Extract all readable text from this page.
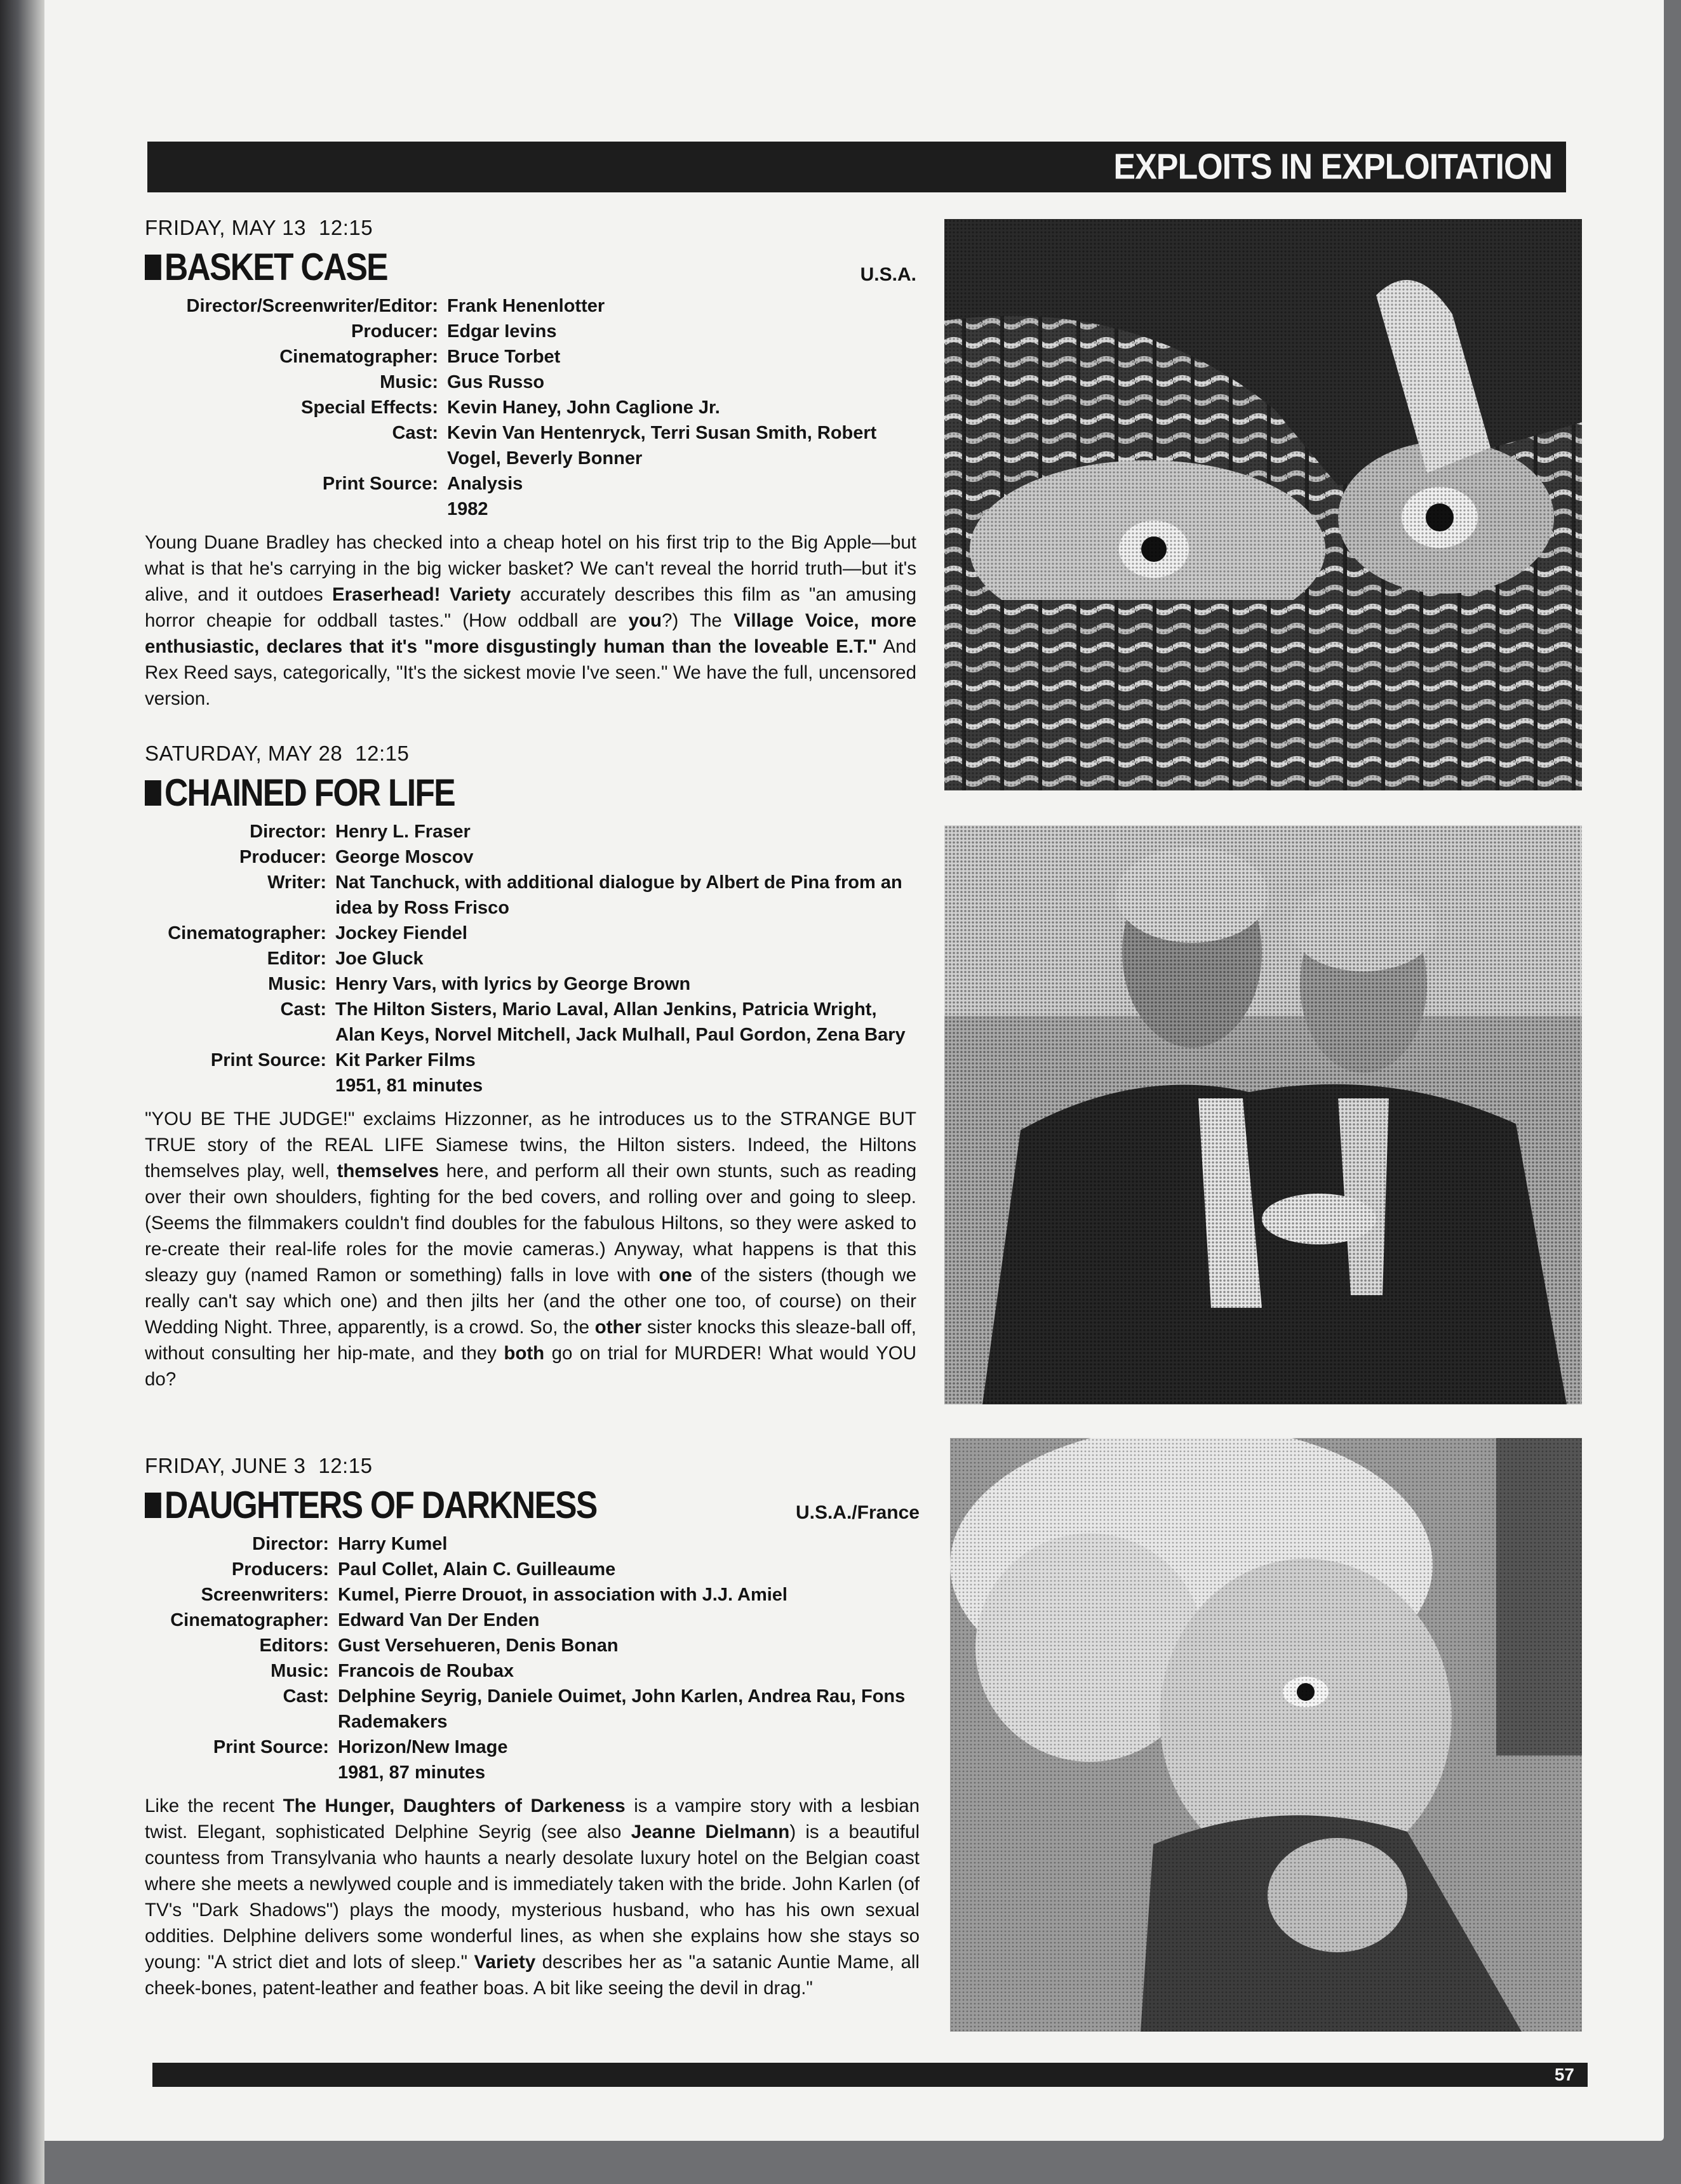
EXPLOITS IN EXPLOITATION
FRIDAY, MAY 13 12:15
BASKET CASE	U.S.A.
Director/Screenwriter/Editor: Frank Henenlotter
Producer: Edgar Ievins
Cinematographer: Bruce Torbet
Music: Gus Russo
Special Effects: Kevin Haney, John Caglione Jr.
Cast: Kevin Van Hentenryck, Terri Susan Smith, Robert Vogel, Beverly Bonner
Print Source: Analysis
1982
Young Duane Bradley has checked into a cheap hotel on his first trip to the Big Apple—but what is that he's carrying in the big wicker basket? We can't reveal the horrid truth—but it's alive, and it outdoes Eraserhead! Variety accurately describes this film as "an amusing horror cheapie for oddball tastes." (How oddball are you?) The Village Voice, more enthusiastic, declares that it's "more disgustingly human than the loveable E.T." And Rex Reed says, categorically, "It's the sickest movie I've seen." We have the full, uncensored version.
SATURDAY, MAY 28 12:15
CHAINED FOR LIFE
Director: Henry L. Fraser
Producer: George Moscov
Writer: Nat Tanchuck, with additional dialogue by Albert de Pina from an idea by Ross Frisco
Cinematographer: Jockey Fiendel
Editor: Joe Gluck
Music: Henry Vars, with lyrics by George Brown
Cast: The Hilton Sisters, Mario Laval, Allan Jenkins, Patricia Wright, Alan Keys, Norvel Mitchell, Jack Mulhall, Paul Gordon, Zena Bary
Print Source: Kit Parker Films
1951, 81 minutes
"YOU BE THE JUDGE!" exclaims Hizzonner, as he introduces us to the STRANGE BUT TRUE story of the REAL LIFE Siamese twins, the Hilton sisters. Indeed, the Hiltons themselves play, well, themselves here, and perform all their own stunts, such as reading over their own shoulders, fighting for the bed covers, and rolling over and going to sleep. (Seems the filmmakers couldn't find doubles for the fabulous Hiltons, so they were asked to re-create their real-life roles for the movie cameras.) Anyway, what happens is that this sleazy guy (named Ramon or something) falls in love with one of the sisters (though we really can't say which one) and then jilts her (and the other one too, of course) on their Wedding Night. Three, apparently, is a crowd. So, the other sister knocks this sleaze-ball off, without consulting her hip-mate, and they both go on trial for MURDER! What would YOU do?
FRIDAY, JUNE 3 12:15
DAUGHTERS OF DARKNESS	U.S.A./France
Director: Harry Kumel
Producers: Paul Collet, Alain C. Guilleaume
Screenwriters: Kumel, Pierre Drouot, in association with J.J. Amiel
Cinematographer: Edward Van Der Enden
Editors: Gust Versehueren, Denis Bonan
Music: Francois de Roubax
Cast: Delphine Seyrig, Daniele Ouimet, John Karlen, Andrea Rau, Fons Rademakers
Print Source: Horizon/New Image
1981, 87 minutes
Like the recent The Hunger, Daughters of Darkeness is a vampire story with a lesbian twist. Elegant, sophisticated Delphine Seyrig (see also Jeanne Dielmann) is a beautiful countess from Transylvania who haunts a nearly desolate luxury hotel on the Belgian coast where she meets a newlywed couple and is immediately taken with the bride. John Karlen (of TV's "Dark Shadows") plays the moody, mysterious husband, who has his own sexual oddities. Delphine delivers some wonderful lines, as when she explains how she stays so young: "A strict diet and lots of sleep." Variety describes her as "a satanic Auntie Mame, all cheek-bones, patent-leather and feather boas. A bit like seeing the devil in drag."
57
